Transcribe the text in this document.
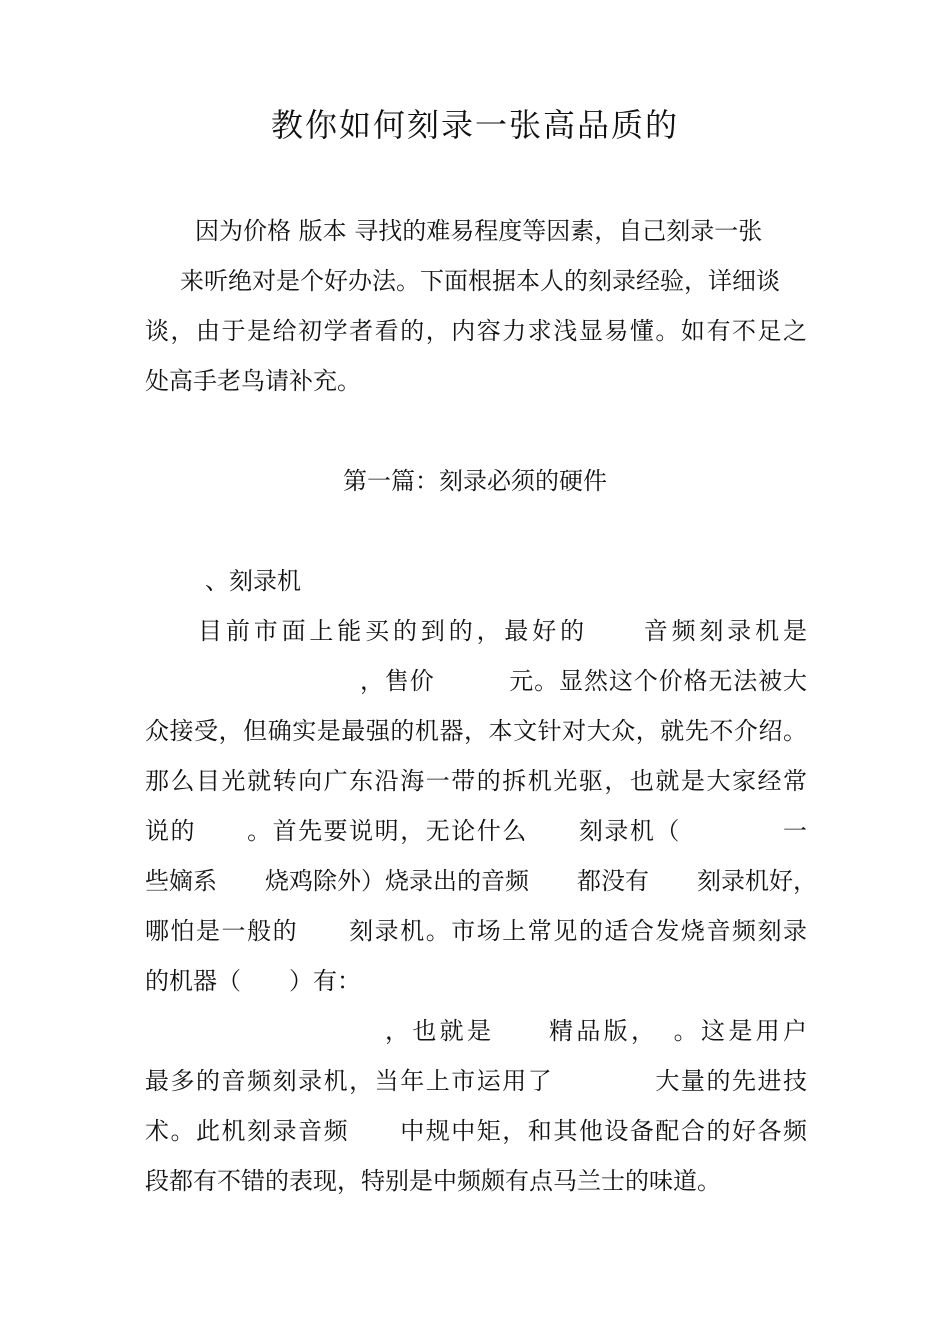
教你如何刻录一张高品质的
因为价格 版本 寻找的难易程度等因素，自己刻录一张
来听绝对是个好办法。下面根据本人的刻录经验，详细谈
谈，由于是给初学者看的，内容力求浅显易懂。如有不足之
处高手老鸟请补充。
第一篇：刻录必须的硬件
、刻录机
目前市面上能买的到的，最好的　　音频刻录机是
，售价　　　元。显然这个价格无法被大
众接受，但确实是最强的机器，本文针对大众，就先不介绍。
那么目光就转向广东沿海一带的拆机光驱，也就是大家经常
说的　　。首先要说明，无论什么　　刻录机（　　　　一
些嫡系　　烧鸡除外）烧录出的音频　　都没有　　刻录机好，
哪怕是一般的　　刻录机。市场上常见的适合发烧音频刻录
的机器（　　）有：
，也就是　　精品版，　。这是用户
最多的音频刻录机，当年上市运用了　　　　大量的先进技
术。此机刻录音频　　中规中矩，和其他设备配合的好各频
段都有不错的表现，特别是中频颇有点马兰士的味道。
